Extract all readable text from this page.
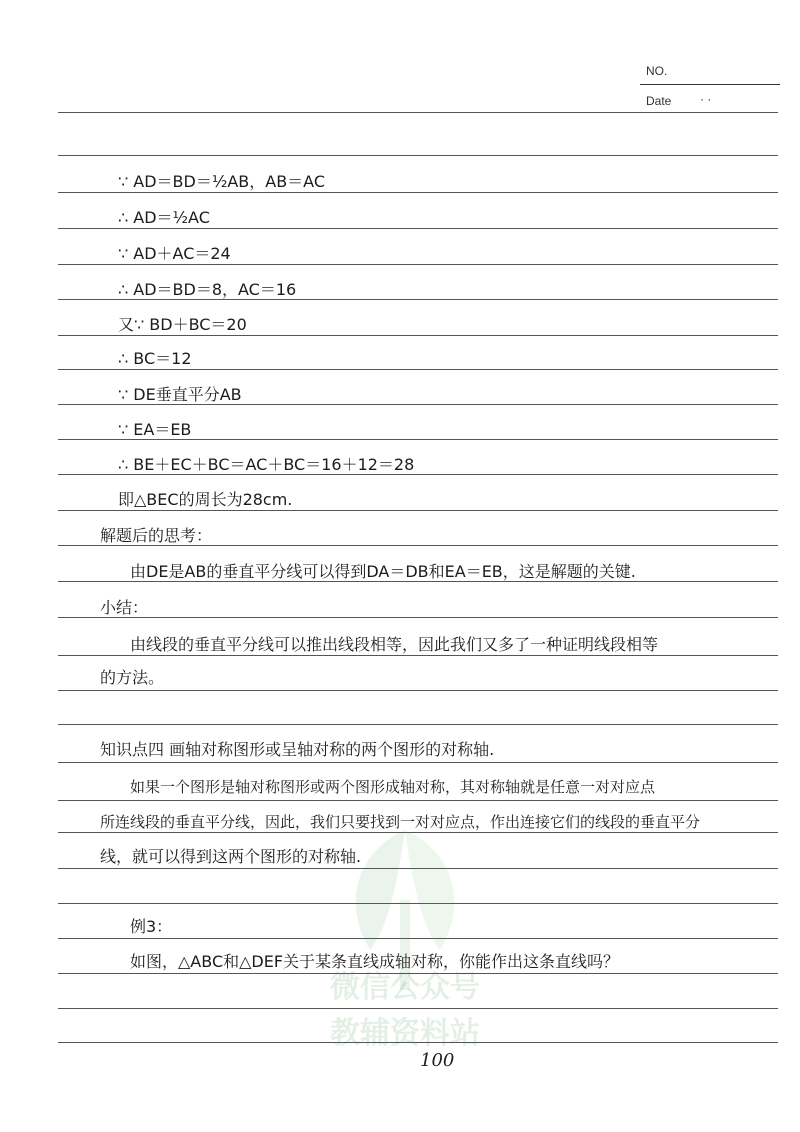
NO.
Date · ·
微信公众号
教辅资料站
∵ AD＝BD＝½AB，AB＝AC
∴ AD＝½AC
∵ AD＋AC＝24
∴ AD＝BD＝8，AC＝16
又∵ BD＋BC＝20
∴ BC＝12
∵ DE垂直平分AB
∵ EA＝EB
∴ BE＋EC＋BC＝AC＋BC＝16＋12＝28
即△BEC的周长为28cm.
解题后的思考：
由DE是AB的垂直平分线可以得到DA＝DB和EA＝EB，这是解题的关键.
小结：
由线段的垂直平分线可以推出线段相等，因此我们又多了一种证明线段相等
的方法。
知识点四 画轴对称图形或呈轴对称的两个图形的对称轴.
如果一个图形是轴对称图形或两个图形成轴对称，其对称轴就是任意一对对应点
所连线段的垂直平分线，因此，我们只要找到一对对应点，作出连接它们的线段的垂直平分
线，就可以得到这两个图形的对称轴.
例3：
如图，△ABC和△DEF关于某条直线成轴对称，你能作出这条直线吗？
100
